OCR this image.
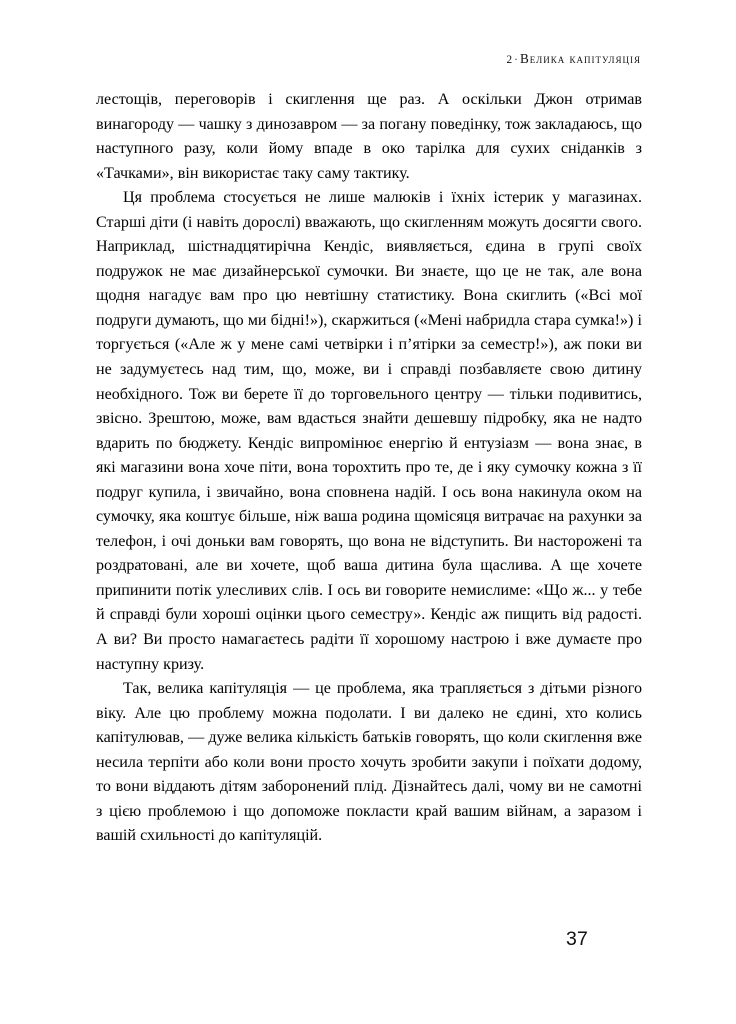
2·Велика капітуляція

лестощів, переговорів і скиглення ще раз. А оскільки Джон отримав винагороду — чашку з динозавром — за погану поведінку, тож закладаюсь, що наступного разу, коли йому впаде в око тарілка для сухих сніданків з «Тачками», він використає таку саму тактику.

Ця проблема стосується не лише малюків і їхніх істерик у магазинах. Старші діти (і навіть дорослі) вважають, що скигленням можуть досягти свого. Наприклад, шістнадцятирічна Кендіс, виявляється, єдина в групі своїх подружок не має дизайнерської сумочки. Ви знаєте, що це не так, але вона щодня нагадує вам про цю невтішну статистику. Вона скиглить («Всі мої подруги думають, що ми бідні!»), скаржиться («Мені набридла стара сумка!») і торгується («Але ж у мене самі четвірки і п’ятірки за семестр!»), аж поки ви не задумуєтесь над тим, що, може, ви і справді позбавляєте свою дитину необхідного. Тож ви берете її до торговельного центру — тільки подивитись, звісно. Зрештою, може, вам вдасться знайти дешевшу підробку, яка не надто вдарить по бюджету. Кендіс випромінює енергію й ентузіазм — вона знає, в які магазини вона хоче піти, вона торохтить про те, де і яку сумочку кожна з її подруг купила, і звичайно, вона сповнена надій. І ось вона накинула оком на сумочку, яка коштує більше, ніж ваша родина щомісяця витрачає на рахунки за телефон, і очі доньки вам говорять, що вона не відступить. Ви насторожені та роздратовані, але ви хочете, щоб ваша дитина була щаслива. А ще хочете припинити потік улесливих слів. І ось ви говорите немислиме: «Що ж... у тебе й справді були хороші оцінки цього семестру». Кендіс аж пищить від радості. А ви? Ви просто намагаєтесь радіти її хорошому настрою і вже думаєте про наступну кризу.

Так, велика капітуляція — це проблема, яка трапляється з дітьми різного віку. Але цю проблему можна подолати. І ви далеко не єдині, хто колись капітулював, — дуже велика кількість батьків говорять, що коли скиглення вже несила терпіти або коли вони просто хочуть зробити закупи і поїхати додому, то вони віддають дітям заборонений плід. Дізнайтесь далі, чому ви не самотні з цією проблемою і що допоможе покласти край вашим війнам, а заразом і вашій схильності до капітуляцій.

37
